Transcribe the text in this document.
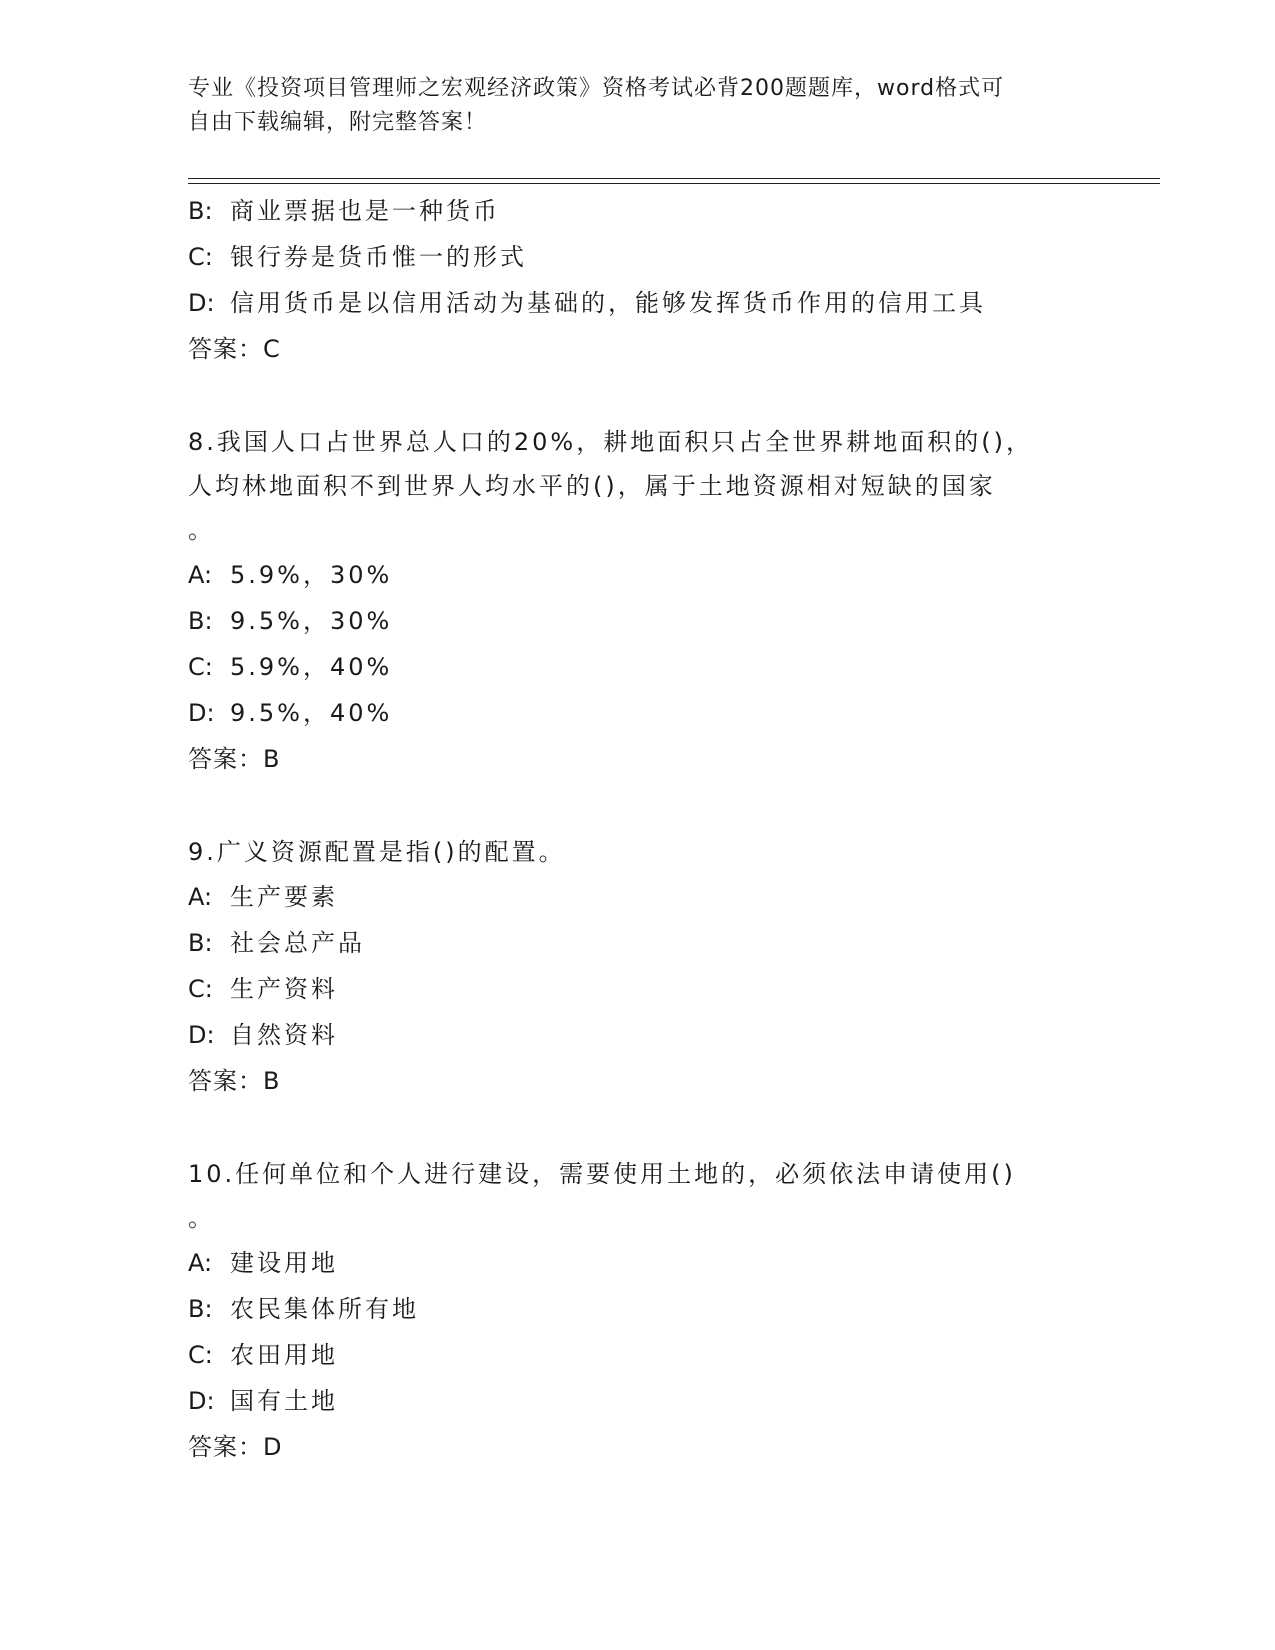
专业《投资项目管理师之宏观经济政策》资格考试必背200题题库，word格式可
自由下载编辑，附完整答案！
B: 商业票据也是一种货币
C: 银行券是货币惟一的形式
D: 信用货币是以信用活动为基础的，能够发挥货币作用的信用工具
答案：C
8.我国人口占世界总人口的20%，耕地面积只占全世界耕地面积的()，
人均林地面积不到世界人均水平的()，属于土地资源相对短缺的国家
。
A: 5.9%，30%
B: 9.5%，30%
C: 5.9%，40%
D: 9.5%，40%
答案：B
9.广义资源配置是指()的配置。
A: 生产要素
B: 社会总产品
C: 生产资料
D: 自然资料
答案：B
10.任何单位和个人进行建设，需要使用土地的，必须依法申请使用()
。
A: 建设用地
B: 农民集体所有地
C: 农田用地
D: 国有土地
答案：D
